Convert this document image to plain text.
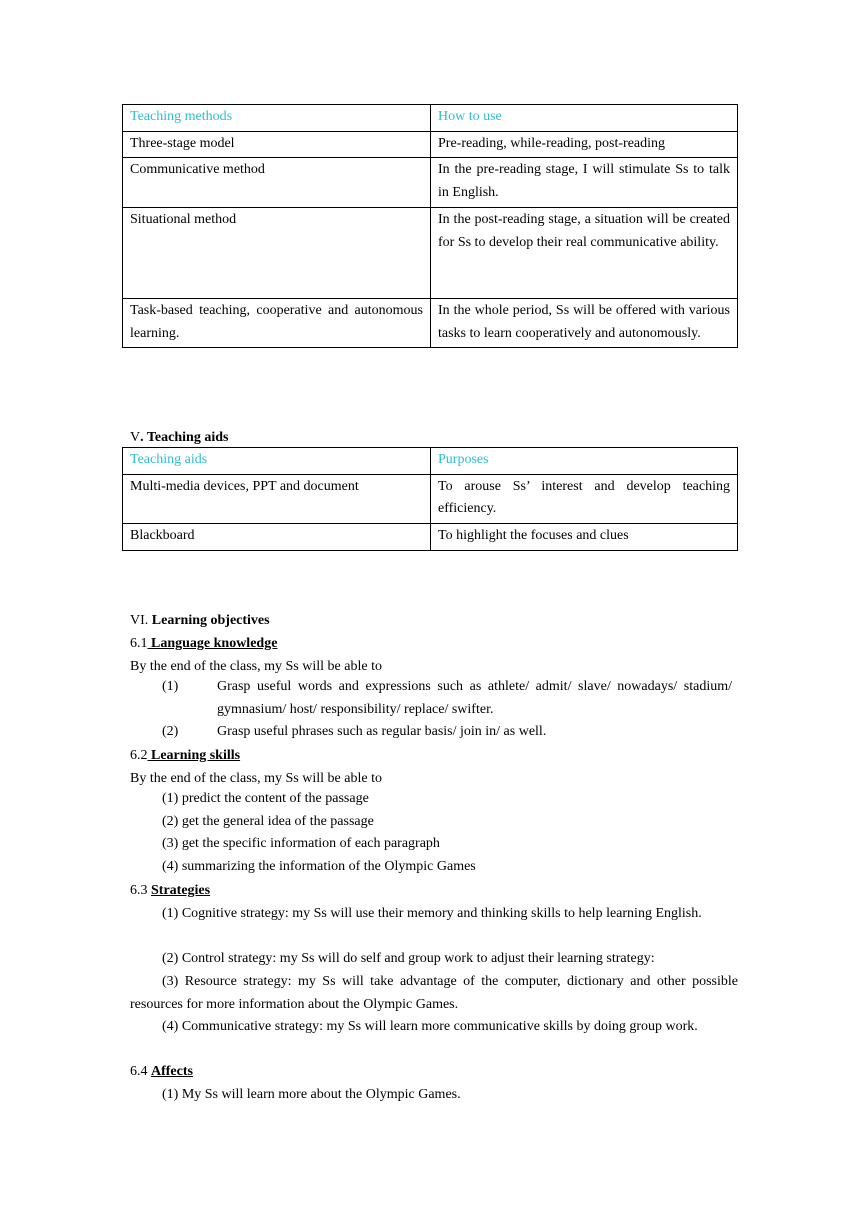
Teaching methods	How to use
Three-stage model	Pre-reading, while-reading, post-reading
Communicative method	In the pre-reading stage, I will stimulate Ss to talk in English.
Situational method	In the post-reading stage, a situation will be created for Ss to develop their real communicative ability.
Task-based teaching, cooperative and autonomous learning.	In the whole period, Ss will be offered with various tasks to learn cooperatively and autonomously.
V. Teaching aids
Teaching aids	Purposes
Multi-media devices, PPT and document	To arouse Ss’ interest and develop teaching efficiency.
Blackboard	To highlight the focuses and clues
VI. Learning objectives
6.1 Language knowledge
By the end of the class, my Ss will be able to
(1)	Grasp useful words and expressions such as athlete/ admit/ slave/ nowadays/ stadium/ gymnasium/ host/ responsibility/ replace/ swifter.
(2)	Grasp useful phrases such as regular basis/ join in/ as well.
6.2 Learning skills
By the end of the class, my Ss will be able to
(1) predict the content of the passage
(2) get the general idea of the passage
(3) get the specific information of each paragraph
(4) summarizing the information of the Olympic Games
6.3 Strategies
(1) Cognitive strategy: my Ss will use their memory and thinking skills to help learning English.
(2) Control strategy: my Ss will do self and group work to adjust their learning strategy:
(3) Resource strategy: my Ss will take advantage of the computer, dictionary and other possible resources for more information about the Olympic Games.
(4) Communicative strategy: my Ss will learn more communicative skills by doing group work.
6.4 Affects
(1) My Ss will learn more about the Olympic Games.
